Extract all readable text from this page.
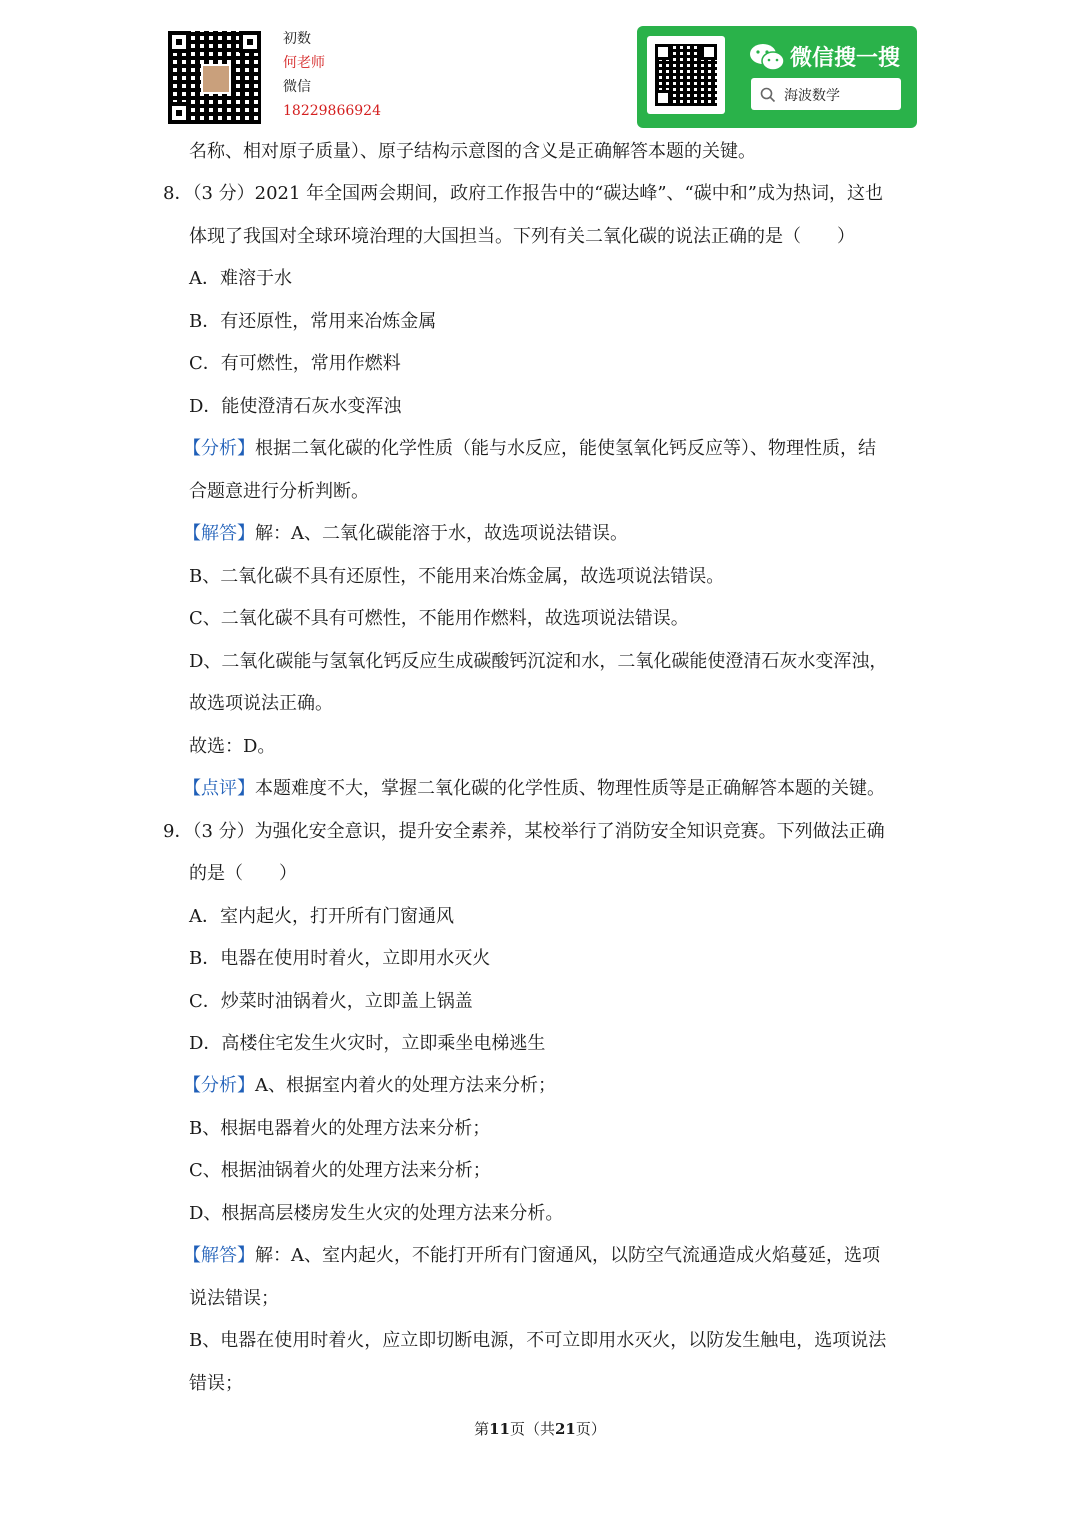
初数
何老师
微信
18229866924
微信搜一搜
海波数学
名称、相对原子质量）、原子结构示意图的含义是正确解答本题的关键。
8．（3 分）2021 年全国两会期间，政府工作报告中的“碳达峰”、“碳中和”成为热词，这也
体现了我国对全球环境治理的大国担当。下列有关二氧化碳的说法正确的是（　　）
A．难溶于水
B．有还原性，常用来冶炼金属
C．有可燃性，常用作燃料
D．能使澄清石灰水变浑浊
【分析】根据二氧化碳的化学性质（能与水反应，能使氢氧化钙反应等）、物理性质，结
合题意进行分析判断。
【解答】解：A、二氧化碳能溶于水，故选项说法错误。
B、二氧化碳不具有还原性，不能用来冶炼金属，故选项说法错误。
C、二氧化碳不具有可燃性，不能用作燃料，故选项说法错误。
D、二氧化碳能与氢氧化钙反应生成碳酸钙沉淀和水，二氧化碳能使澄清石灰水变浑浊，
故选项说法正确。
故选：D。
【点评】本题难度不大，掌握二氧化碳的化学性质、物理性质等是正确解答本题的关键。
9．（3 分）为强化安全意识，提升安全素养，某校举行了消防安全知识竞赛。下列做法正确
的是（　　）
A．室内起火，打开所有门窗通风
B．电器在使用时着火，立即用水灭火
C．炒菜时油锅着火，立即盖上锅盖
D．高楼住宅发生火灾时，立即乘坐电梯逃生
【分析】A、根据室内着火的处理方法来分析；
B、根据电器着火的处理方法来分析；
C、根据油锅着火的处理方法来分析；
D、根据高层楼房发生火灾的处理方法来分析。
【解答】解：A、室内起火，不能打开所有门窗通风，以防空气流通造成火焰蔓延，选项
说法错误；
B、电器在使用时着火，应立即切断电源，不可立即用水灭火，以防发生触电，选项说法
错误；
第11页（共21页）
